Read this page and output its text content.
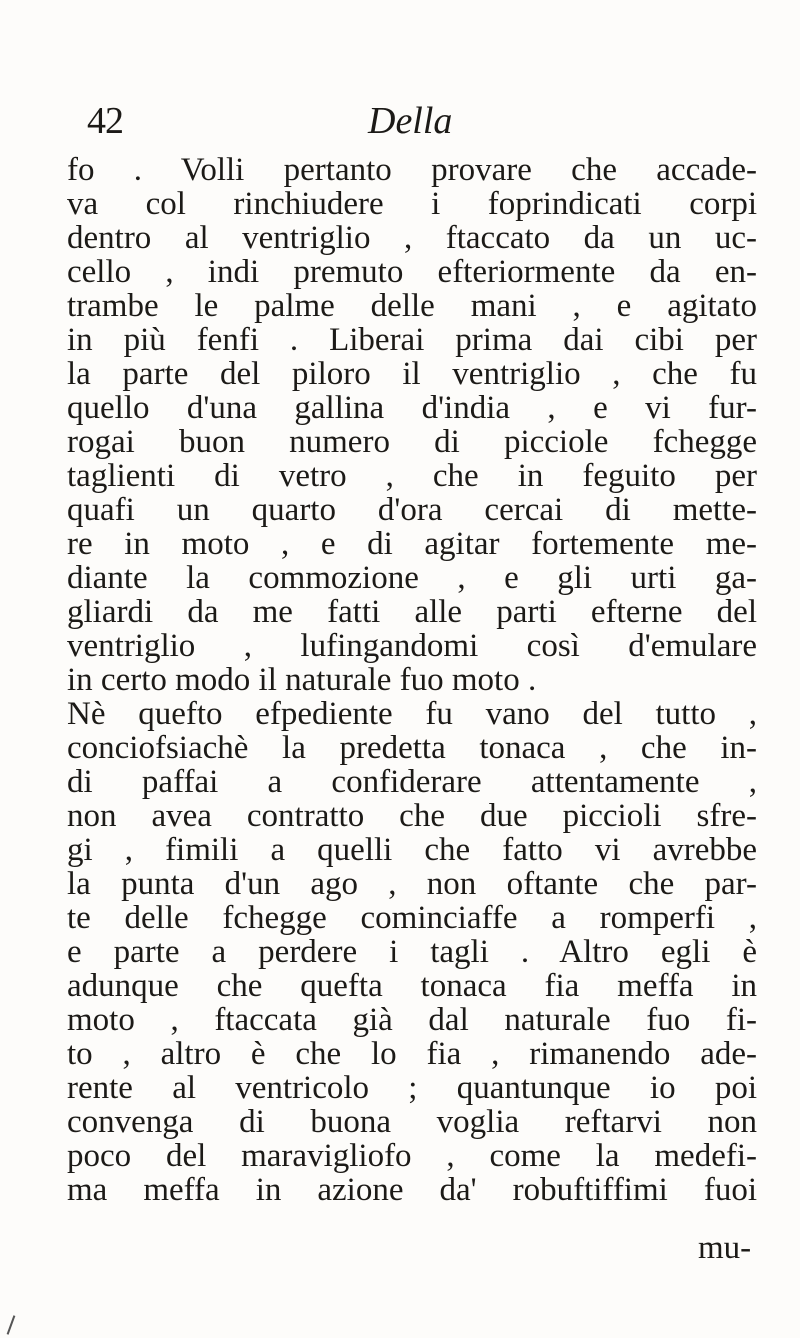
42	Della
fo . Volli pertanto provare che accade-
va col rinchiudere i foprindicati corpi
dentro al ventriglio , ftaccato da un uc-
cello , indi premuto efteriormente da en-
trambe le palme delle mani , e agitato
in più fenfi . Liberai prima dai cibi per
la parte del piloro il ventriglio , che fu
quello d'una gallina d'india , e vi fur-
rogai buon numero di picciole fchegge
taglienti di vetro , che in feguito per
quafi un quarto d'ora cercai di mette-
re in moto , e di agitar fortemente me-
diante la commozione , e gli urti ga-
gliardi da me fatti alle parti efterne del
ventriglio , lufingandomi così d'emulare
in certo modo il naturale fuo moto .
Nè quefto efpediente fu vano del tutto ,
conciofsiachè la predetta tonaca , che in-
di paffai a confiderare attentamente ,
non avea contratto che due piccioli sfre-
gi , fimili a quelli che fatto vi avrebbe
la punta d'un ago , non oftante che par-
te delle fchegge cominciaffe a romperfi ,
e parte a perdere i tagli . Altro egli è
adunque che quefta tonaca fia meffa in
moto , ftaccata già dal naturale fuo fi-
to , altro è che lo fia , rimanendo ade-
rente al ventricolo ; quantunque io poi
convenga di buona voglia reftarvi non
poco del maravigliofo , come la medefi-
ma meffa in azione da' robuftiffimi fuoi
mu-
